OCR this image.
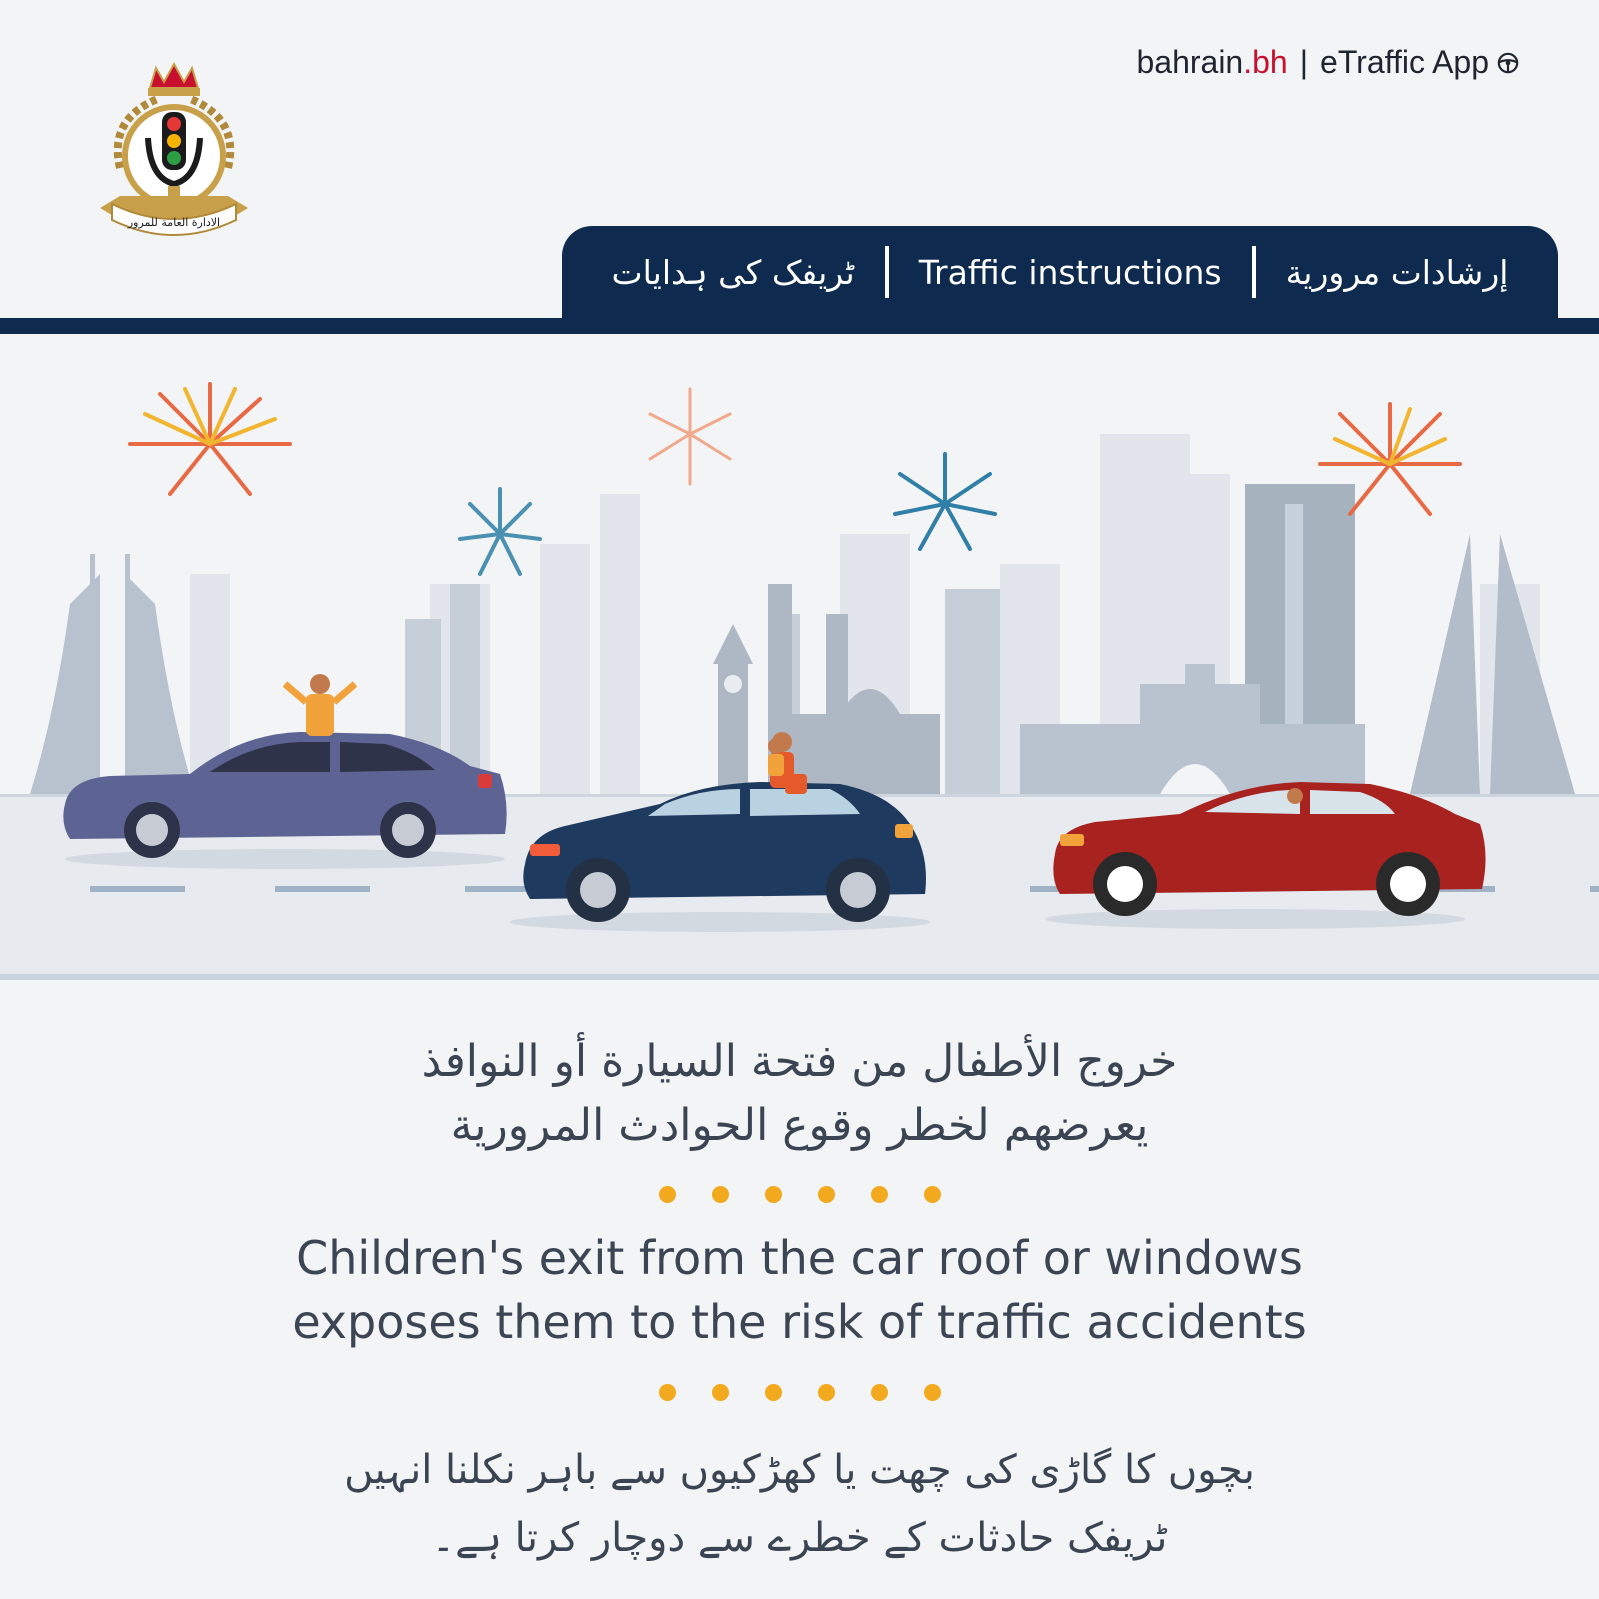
bahrain.bh | eTraffic App
الادارة العامة للمرور
ٹریفک کی ہدایات	Traffic instructions	إرشادات مرورية
خروج الأطفال من فتحة السيارة أو النوافذ
يعرضهم لخطر وقوع الحوادث المرورية
Children's exit from the car roof or windows
exposes them to the risk of traffic accidents
بچوں کا گاڑی کی چھت یا کھڑکیوں سے باہر نکلنا انہیں
ٹریفک حادثات کے خطرے سے دوچار کرتا ہے۔
